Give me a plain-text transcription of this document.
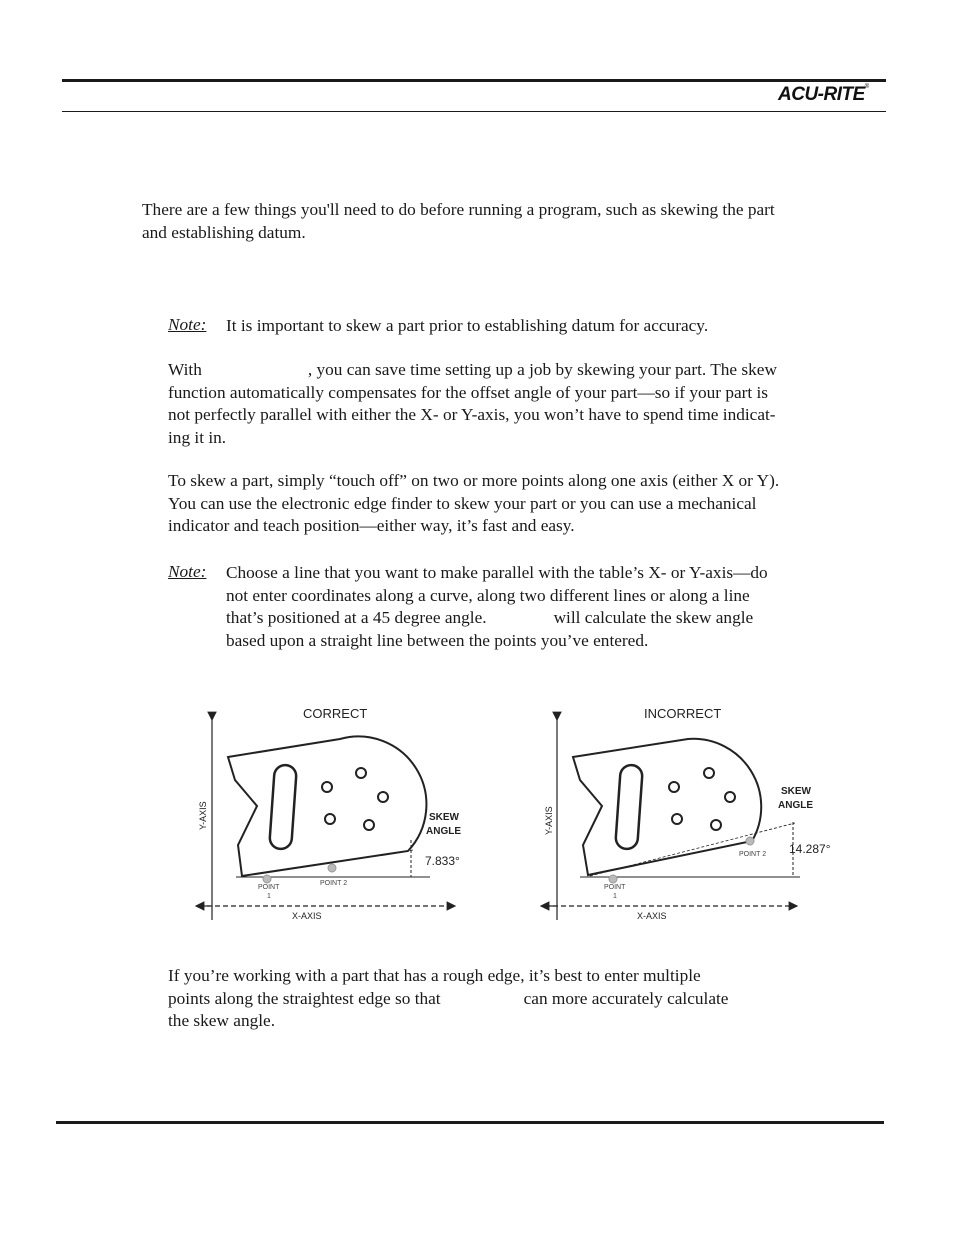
ACU-RITE®
There are a few things you'll need to do before running a program, such as skewing the part
and establishing datum.
Note: It is important to skew a part prior to establishing datum for accuracy.
With	, you can save time setting up a job by skewing your part. The skew
function automatically compensates for the offset angle of your part—so if your part is
not perfectly parallel with either the X- or Y-axis, you won’t have to spend time indicat-
ing it in.
To skew a part, simply “touch off” on two or more points along one axis (either X or Y).
You can use the electronic edge finder to skew your part or you can use a mechanical
indicator and teach position—either way, it’s fast and easy.
Note: Choose a line that you want to make parallel with the table’s X- or Y-axis—do
not enter coordinates along a curve, along two different lines or along a line
that’s positioned at a 45 degree angle.	will calculate the skew angle
based upon a straight line between the points you’ve entered.
CORRECT
Y-AXIS
X-AXIS
POINT
1
POINT 2
SKEW
ANGLE
7.833°
INCORRECT
Y-AXIS
X-AXIS
POINT
1
POINT 2
SKEW
ANGLE
14.287°
If you’re working with a part that has a rough edge, it’s best to enter multiple
points along the straightest edge so that	can more accurately calculate
the skew angle.
